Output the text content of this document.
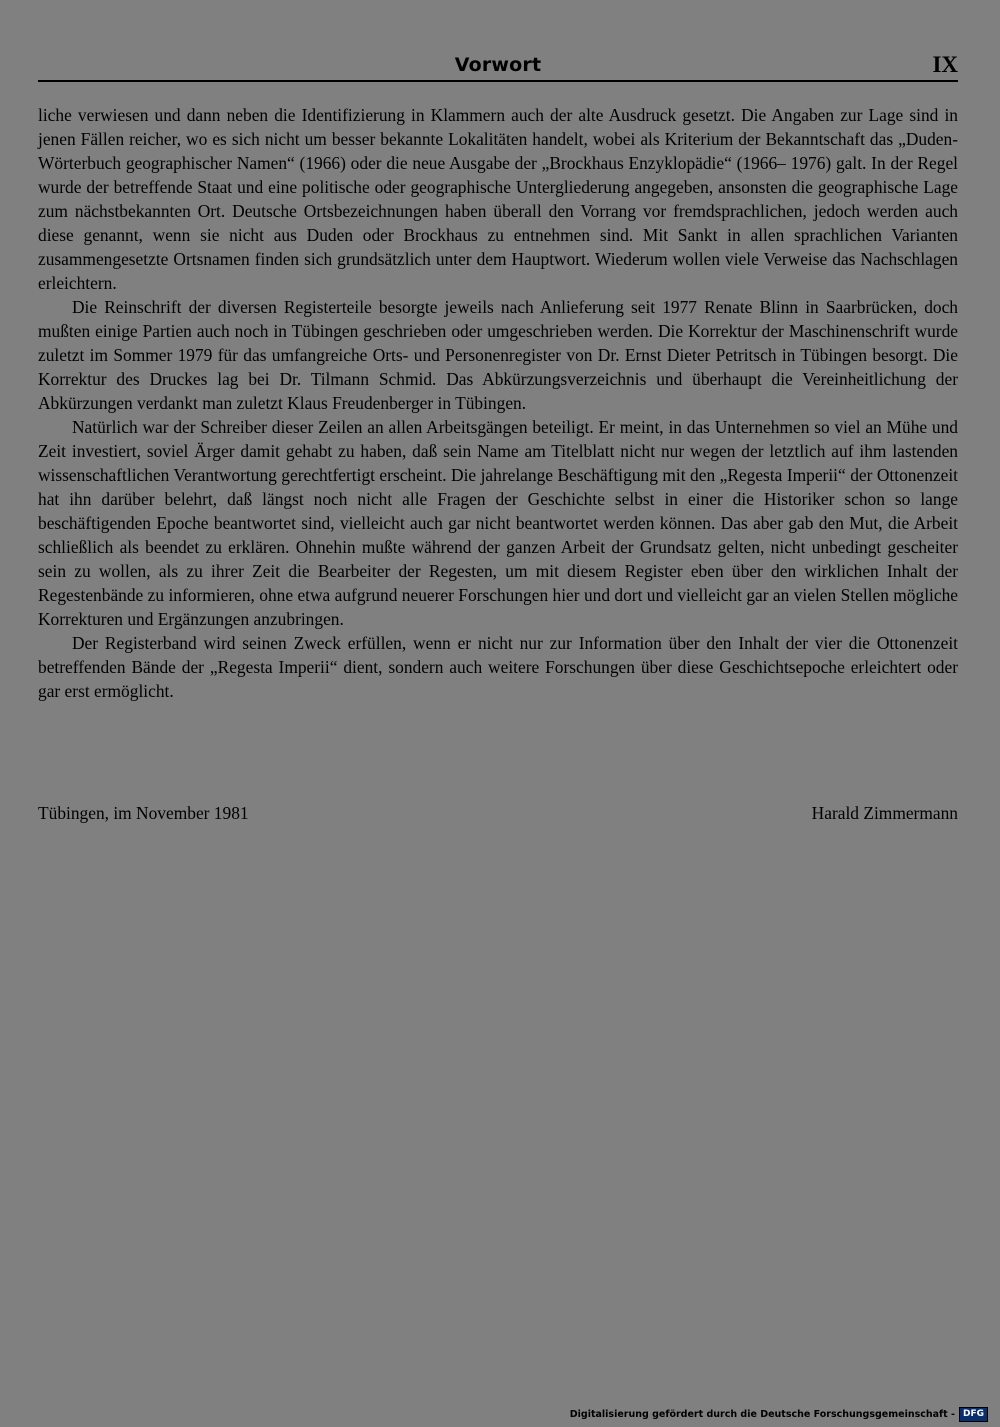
Vorwort	IX

liche verwiesen und dann neben die Identifizierung in Klammern auch der alte Ausdruck gesetzt. Die Angaben zur Lage sind in jenen Fällen reicher, wo es sich nicht um besser bekannte Lokalitäten handelt, wobei als Kriterium der Bekanntschaft das „Duden-Wörterbuch geographischer Namen“ (1966) oder die neue Ausgabe der „Brockhaus Enzyklopädie“ (1966– 1976) galt. In der Regel wurde der betreffende Staat und eine politische oder geographische Untergliederung angegeben, ansonsten die geographische Lage zum nächstbekannten Ort. Deutsche Ortsbezeichnungen haben überall den Vorrang vor fremdsprachlichen, jedoch werden auch diese genannt, wenn sie nicht aus Duden oder Brockhaus zu entnehmen sind. Mit Sankt in allen sprachlichen Varianten zusammengesetzte Ortsnamen finden sich grundsätzlich unter dem Hauptwort. Wiederum wollen viele Verweise das Nachschlagen erleichtern.

Die Reinschrift der diversen Registerteile besorgte jeweils nach Anlieferung seit 1977 Renate Blinn in Saarbrücken, doch mußten einige Partien auch noch in Tübingen geschrieben oder umgeschrieben werden. Die Korrektur der Maschinenschrift wurde zuletzt im Sommer 1979 für das umfangreiche Orts- und Personenregister von Dr. Ernst Dieter Petritsch in Tübingen besorgt. Die Korrektur des Druckes lag bei Dr. Tilmann Schmid. Das Abkürzungsverzeichnis und überhaupt die Vereinheitlichung der Abkürzungen verdankt man zuletzt Klaus Freudenberger in Tübingen.

Natürlich war der Schreiber dieser Zeilen an allen Arbeitsgängen beteiligt. Er meint, in das Unternehmen so viel an Mühe und Zeit investiert, soviel Ärger damit gehabt zu haben, daß sein Name am Titelblatt nicht nur wegen der letztlich auf ihm lastenden wissenschaftlichen Verantwortung gerechtfertigt erscheint. Die jahrelange Beschäftigung mit den „Regesta Imperii“ der Ottonenzeit hat ihn darüber belehrt, daß längst noch nicht alle Fragen der Geschichte selbst in einer die Historiker schon so lange beschäftigenden Epoche beantwortet sind, vielleicht auch gar nicht beantwortet werden können. Das aber gab den Mut, die Arbeit schließlich als beendet zu erklären. Ohnehin mußte während der ganzen Arbeit der Grundsatz gelten, nicht unbedingt gescheiter sein zu wollen, als zu ihrer Zeit die Bearbeiter der Regesten, um mit diesem Register eben über den wirklichen Inhalt der Regestenbände zu informieren, ohne etwa aufgrund neuerer Forschungen hier und dort und vielleicht gar an vielen Stellen mögliche Korrekturen und Ergänzungen anzubringen.

Der Registerband wird seinen Zweck erfüllen, wenn er nicht nur zur Information über den Inhalt der vier die Ottonenzeit betreffenden Bände der „Regesta Imperii“ dient, sondern auch weitere Forschungen über diese Geschichtsepoche erleichtert oder gar erst ermöglicht.

Tübingen, im November 1981	Harald Zimmermann
Digitalisierung gefördert durch die Deutsche Forschungsgemeinschaft - DFG
